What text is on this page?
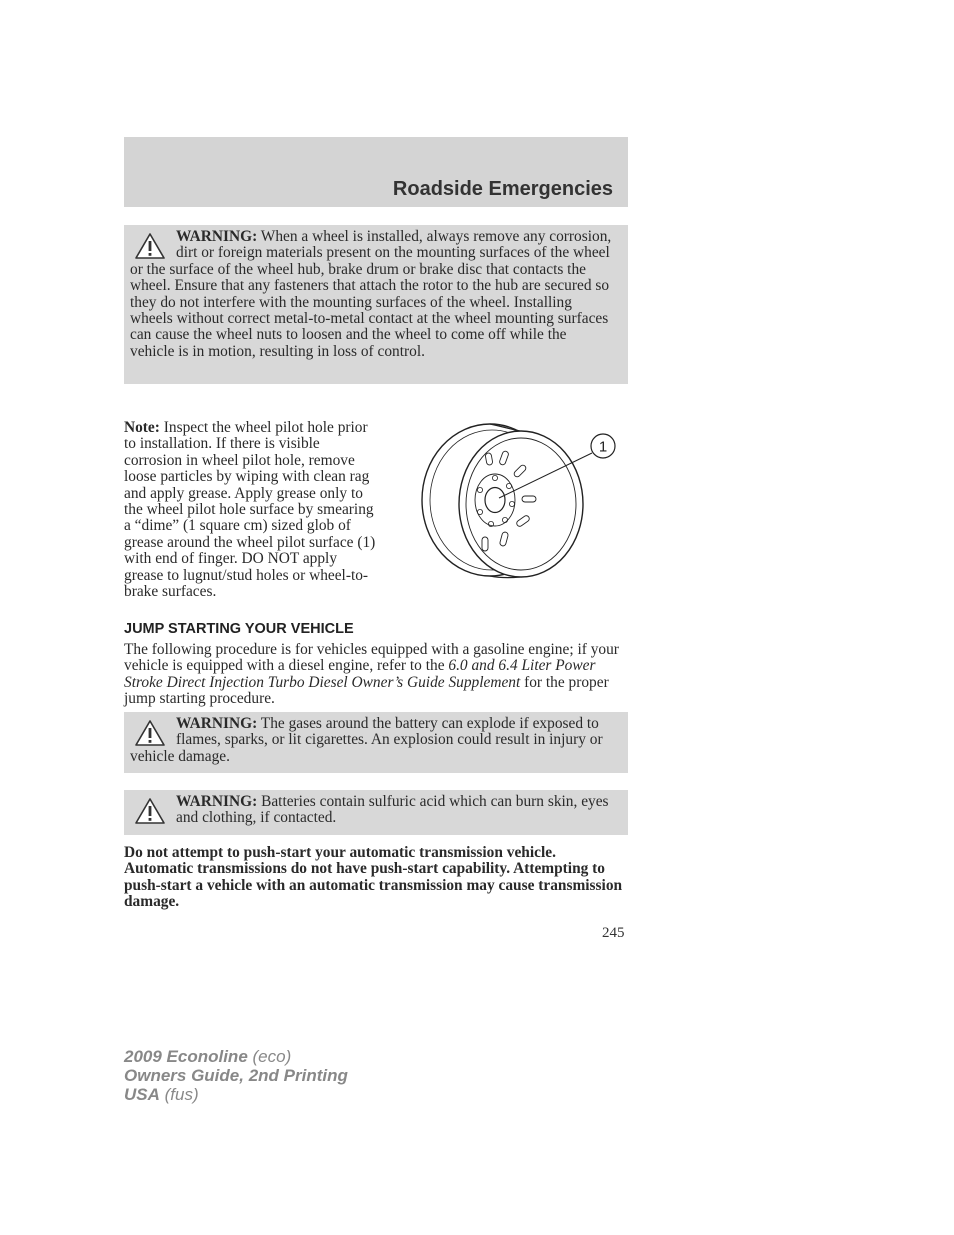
Roadside Emergencies
WARNING: When a wheel is installed, always remove any corrosion, dirt or foreign materials present on the mounting surfaces of the wheel or the surface of the wheel hub, brake drum or brake disc that contacts the wheel. Ensure that any fasteners that attach the rotor to the hub are secured so they do not interfere with the mounting surfaces of the wheel. Installing wheels without correct metal-to-metal contact at the wheel mounting surfaces can cause the wheel nuts to loosen and the wheel to come off while the vehicle is in motion, resulting in loss of control.
Note: Inspect the wheel pilot hole prior to installation. If there is visible corrosion in wheel pilot hole, remove loose particles by wiping with clean rag and apply grease. Apply grease only to the wheel pilot hole surface by smearing a “dime” (1 square cm) sized glob of grease around the wheel pilot surface (1) with end of finger. DO NOT apply grease to lugnut/stud holes or wheel-to-brake surfaces.
1
JUMP STARTING YOUR VEHICLE
The following procedure is for vehicles equipped with a gasoline engine; if your vehicle is equipped with a diesel engine, refer to the 6.0 and 6.4 Liter Power Stroke Direct Injection Turbo Diesel Owner’s Guide Supplement for the proper jump starting procedure.
WARNING: The gases around the battery can explode if exposed to flames, sparks, or lit cigarettes. An explosion could result in injury or vehicle damage.
WARNING: Batteries contain sulfuric acid which can burn skin, eyes and clothing, if contacted.
Do not attempt to push-start your automatic transmission vehicle. Automatic transmissions do not have push-start capability. Attempting to push-start a vehicle with an automatic transmission may cause transmission damage.
245
2009 Econoline (eco)
Owners Guide, 2nd Printing
USA (fus)
